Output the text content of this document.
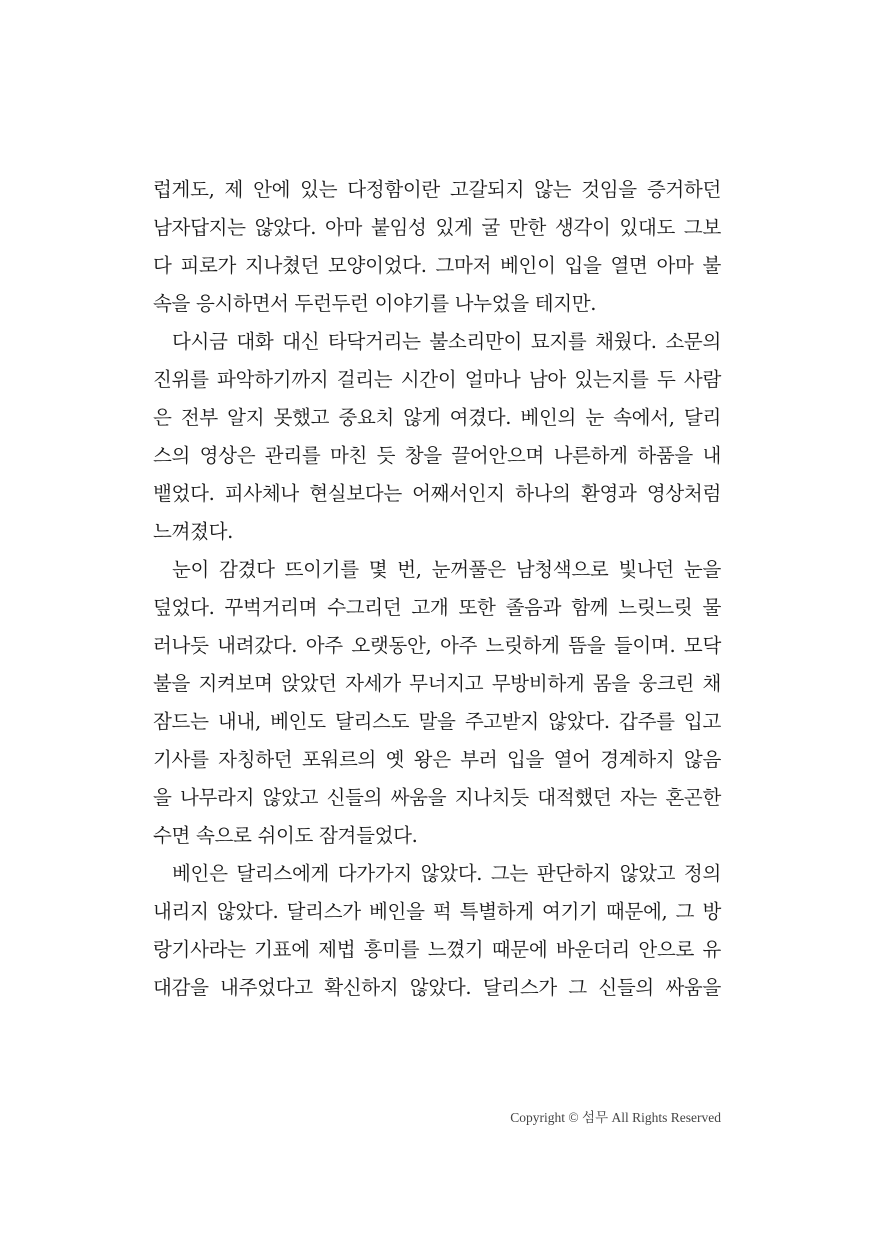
럽게도, 제 안에 있는 다정함이란 고갈되지 않는 것임을 증거하던
남자답지는 않았다. 아마 붙임성 있게 굴 만한 생각이 있대도 그보
다 피로가 지나쳤던 모양이었다. 그마저 베인이 입을 열면 아마 불
속을 응시하면서 두런두런 이야기를 나누었을 테지만.
다시금 대화 대신 타닥거리는 불소리만이 묘지를 채웠다. 소문의
진위를 파악하기까지 걸리는 시간이 얼마나 남아 있는지를 두 사람
은 전부 알지 못했고 중요치 않게 여겼다. 베인의 눈 속에서, 달리
스의 영상은 관리를 마친 듯 창을 끌어안으며 나른하게 하품을 내
뱉었다. 피사체나 현실보다는 어째서인지 하나의 환영과 영상처럼
느껴졌다.
눈이 감겼다 뜨이기를 몇 번, 눈꺼풀은 남청색으로 빛나던 눈을
덮었다. 꾸벅거리며 수그리던 고개 또한 졸음과 함께 느릿느릿 물
러나듯 내려갔다. 아주 오랫동안, 아주 느릿하게 뜸을 들이며. 모닥
불을 지켜보며 앉았던 자세가 무너지고 무방비하게 몸을 웅크린 채
잠드는 내내, 베인도 달리스도 말을 주고받지 않았다. 갑주를 입고
기사를 자칭하던 포워르의 옛 왕은 부러 입을 열어 경계하지 않음
을 나무라지 않았고 신들의 싸움을 지나치듯 대적했던 자는 혼곤한
수면 속으로 쉬이도 잠겨들었다.
베인은 달리스에게 다가가지 않았다. 그는 판단하지 않았고 정의
내리지 않았다. 달리스가 베인을 퍽 특별하게 여기기 때문에, 그 방
랑기사라는 기표에 제법 흥미를 느꼈기 때문에 바운더리 안으로 유
대감을 내주었다고 확신하지 않았다. 달리스가 그 신들의 싸움을
Copyright © 섬무 All Rights Reserved
